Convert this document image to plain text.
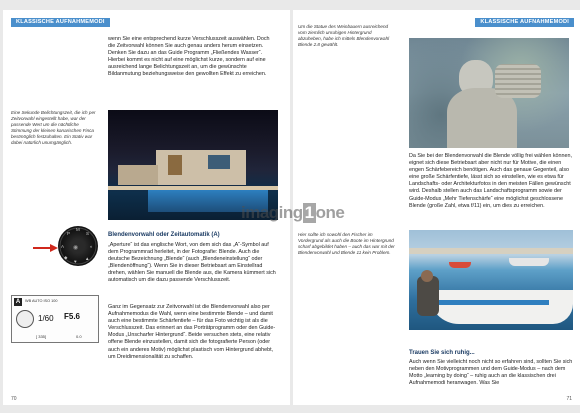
KLASSISCHE AUFNAHMEMODI

wenn Sie eine entsprechend kurze Verschlusszeit auswählen. Doch die Zeitvorwahl können Sie auch genau anders herum einsetzen. Denken Sie dazu an das Guide Programm „Fließendes Wasser“. Hierbei kommt es nicht auf eine möglichst kurze, sondern auf eine ausreichend lange Belichtungszeit an, um die gewünschte Bildanmutung beziehungsweise den gewollten Effekt zu erreichen.

Eine Sekunde Belichtungszeit, die ich per Zeitvorwahl eingestellt habe, war der passende Wert um die nächtliche Stimmung der kleinen kanarischen Finca bestmöglich festzuhalten. Ein Stativ war dabei natürlich unumgänglich.

A
P
M
S
◐
▲
♥
◆
◉
Blendenvorwahl oder Zeitautomatik (A)

„Aperture“ ist das englische Wort, von dem sich das „A“-Symbol auf dem Programmrad herleitet, in der Fotografie: Blende. Auch die deutsche Bezeichnung „Blende“ (auch „Blendeneinstellung“ oder „Blendenöffnung“). Wenn Sie in dieser Betriebsart am Einstellrad drehen, wählen Sie manuell die Blende aus, die Kamera kümmert sich automatisch um die dazu passende Verschlusszeit.

A	WB AUTO ISO 100
1/60 F5.6
[ 335]	0.0

Ganz im Gegensatz zur Zeitvorwahl ist die Blendenvorwahl also per Aufnahmemodus die Wahl, wenn eine bestimmte Blende – und damit auch eine bestimmte Schärfentiefe – für das Foto wichtig ist als die Verschlusszeit. Das erinnert an das Porträtprogramm oder den Guide-Modus „Unscharfer Hintergrund“. Beide versuchen stets, eine relativ offene Blende einzustellen, damit sich die fotografierte Person (oder auch ein anderes Motiv) möglichst plastisch vom Hintergrund abhebt, um Dreidimensionalität zu schaffen.

70
KLASSISCHE AUFNAHMEMODI

Um die Statue des Weinbauern ausreichend vom ziemlich unruhigen Hintergrund abzuheben, habe ich mittels Blendenvorwahl Blende 2.8 gewählt.

Da Sie bei der Blendenvorwahl die Blende völlig frei wählen können, eignet sich diese Betriebsart aber nicht nur für Motive, die einen engen Schärfebereich benötigen. Auch das genaue Gegenteil, also eine große Schärfentiefe, lässt sich so einstellen, wie es etwa für Landschafts- oder Architekturfotos in den meisten Fällen gewünscht wird. Deshalb stellen auch das Landschaftsprogramm sowie der Guide-Modus „Mehr Tiefenschärfe“ eine möglichst geschlossene Blende (große Zahl, etwa f/11) ein, um dies zu erreichen.

Hier sollte ich sowohl den Fischer im Vordergrund als auch die Boote im Hintergrund scharf abgebildet haben – auch das war mit der Blendenvorwahl und Blende 11 kein Problem.

imaging 1 one
Trauen Sie sich ruhig...

Auch wenn Sie vielleicht noch nicht so erfahren sind, sollten Sie sich neben den Motivprogrammen und dem Guide-Modus – nach dem Motto „learning by doing“ – ruhig auch an die klassischen drei Aufnahmemodi heranwagen. Was Sie

71
